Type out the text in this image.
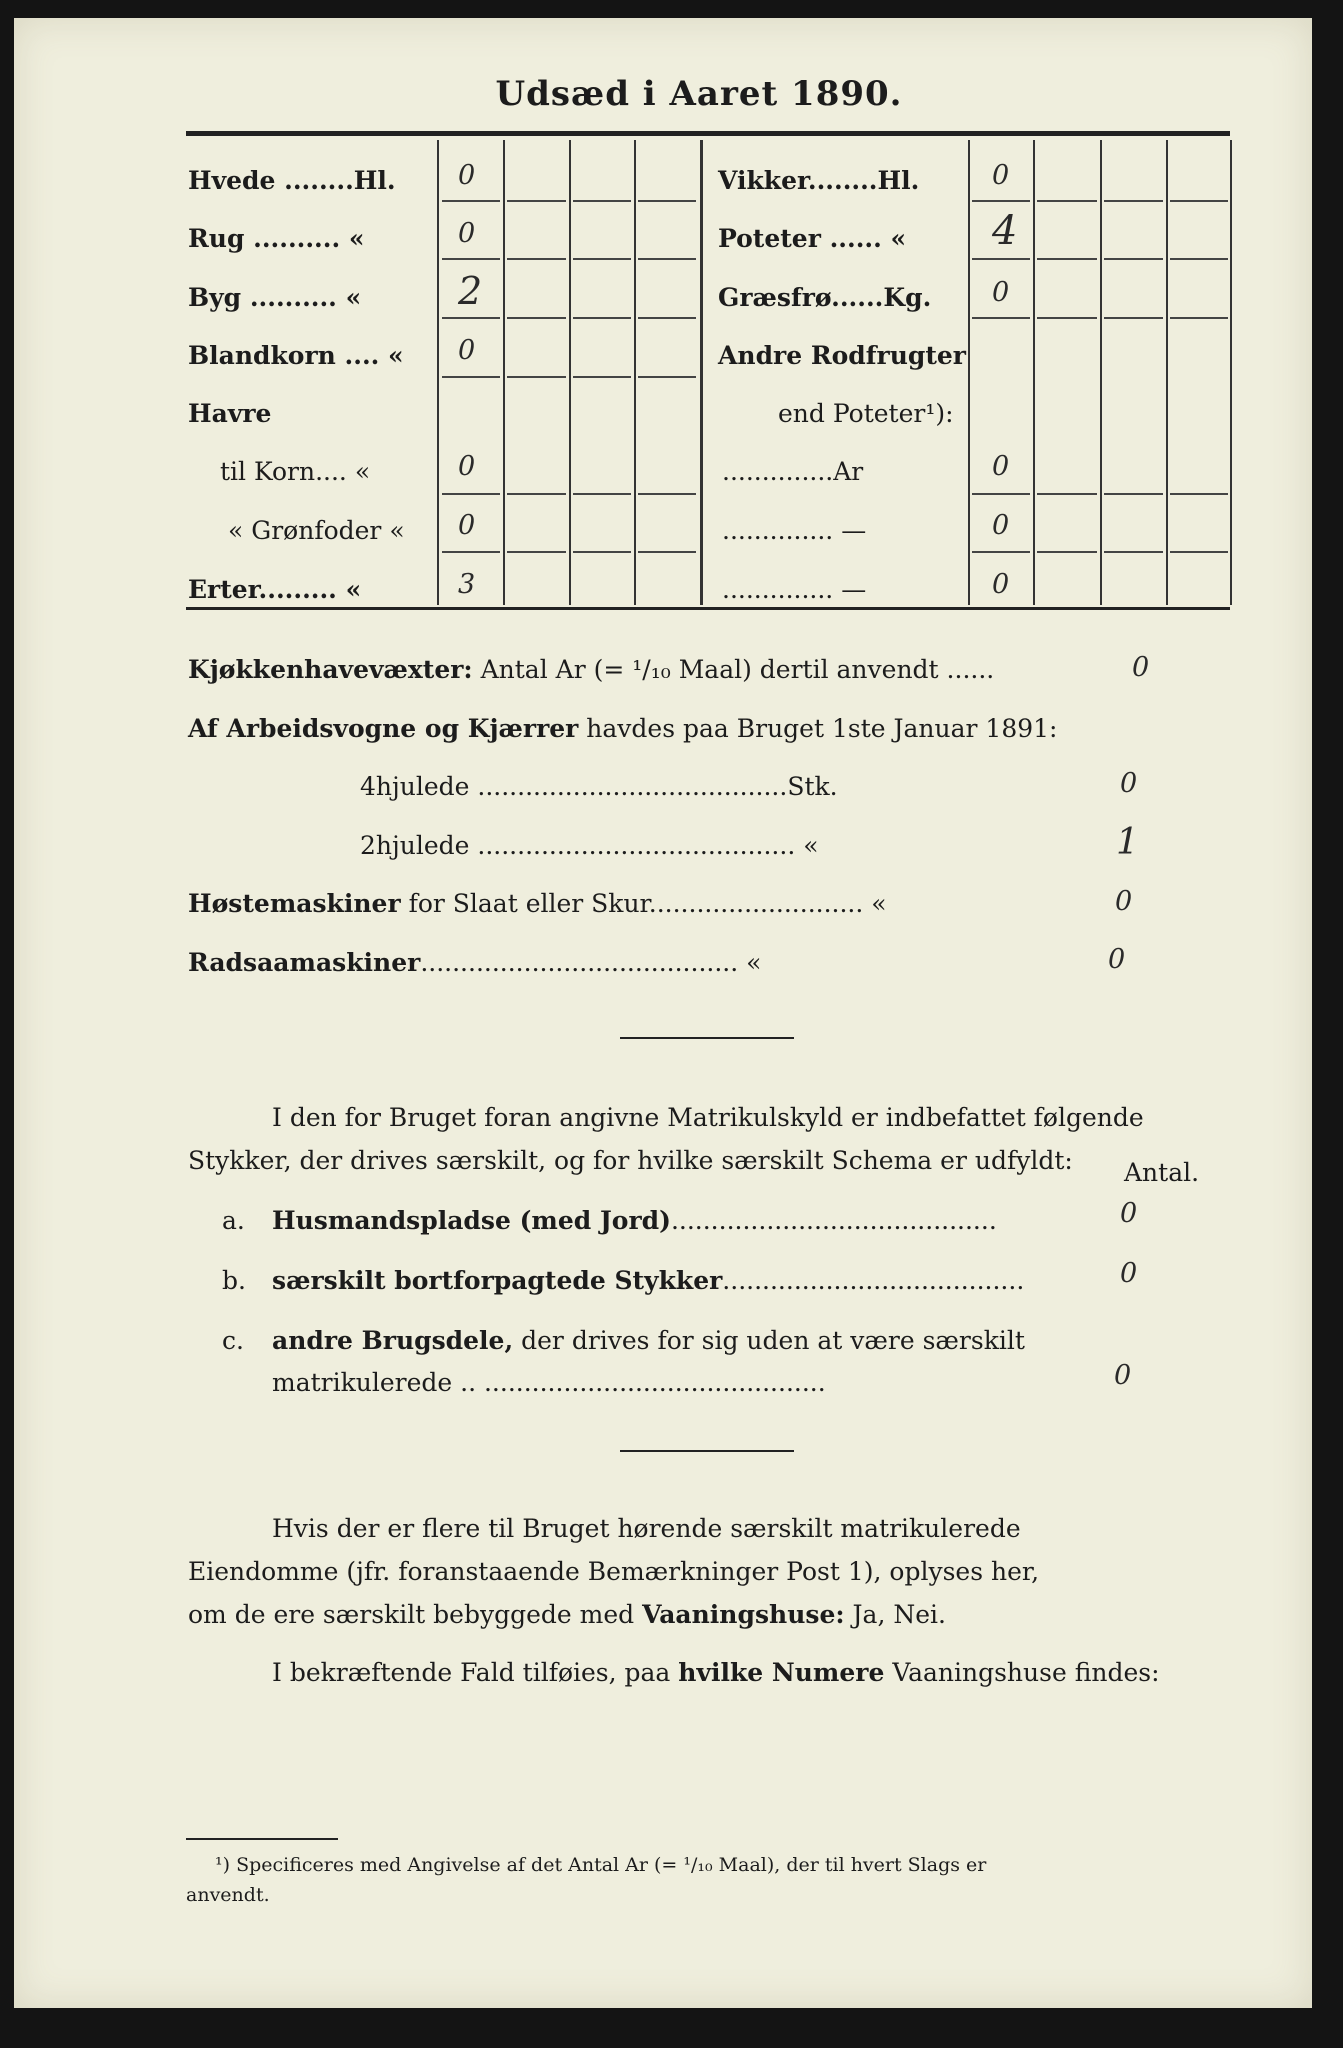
Udsæd i Aaret 1890.
Hvede ........Hl. 0
Rug .......... «	0
Byg .......... «	2
Blandkorn .... « 0
Havre
til Korn.... «	0
« Grønfoder « 0
Erter......... «	3
Vikker........Hl.	0
Poteter ...... « 4
Græsfrø......Kg. 0
Andre Rodfrugter
end Poteter¹):
..............Ar	0
.............. —	0
.............. —	0
Kjøkkenhavevæxter: Antal Ar (= ¹/₁₀ Maal) dertil anvendt ......	0
Af Arbeidsvogne og Kjærrer havdes paa Bruget 1ste Januar 1891:
4hjulede .......................................Stk.	0
2hjulede ........................................ «	1
Høstemaskiner for Slaat eller Skur........................... «	0
Radsaamaskiner........................................ «	0
I den for Bruget foran angivne Matrikulskyld er indbefattet følgende
Stykker, der drives særskilt, og for hvilke særskilt Schema er udfyldt: Antal.
a. Husmandspladse (med Jord).........................................	0
b. særskilt bortforpagtede Stykker......................................	0
c. andre Brugsdele, der drives for sig uden at være særskilt
matrikulerede .. ...........................................	0
Hvis der er flere til Bruget hørende særskilt matrikulerede
Eiendomme (jfr. foranstaaende Bemærkninger Post 1), oplyses her,
om de ere særskilt bebyggede med Vaaningshuse: Ja, Nei.
I bekræftende Fald tilføies, paa hvilke Numere Vaaningshuse findes:
¹) Specificeres med Angivelse af det Antal Ar (= ¹/₁₀ Maal), der til hvert Slags er
anvendt.
